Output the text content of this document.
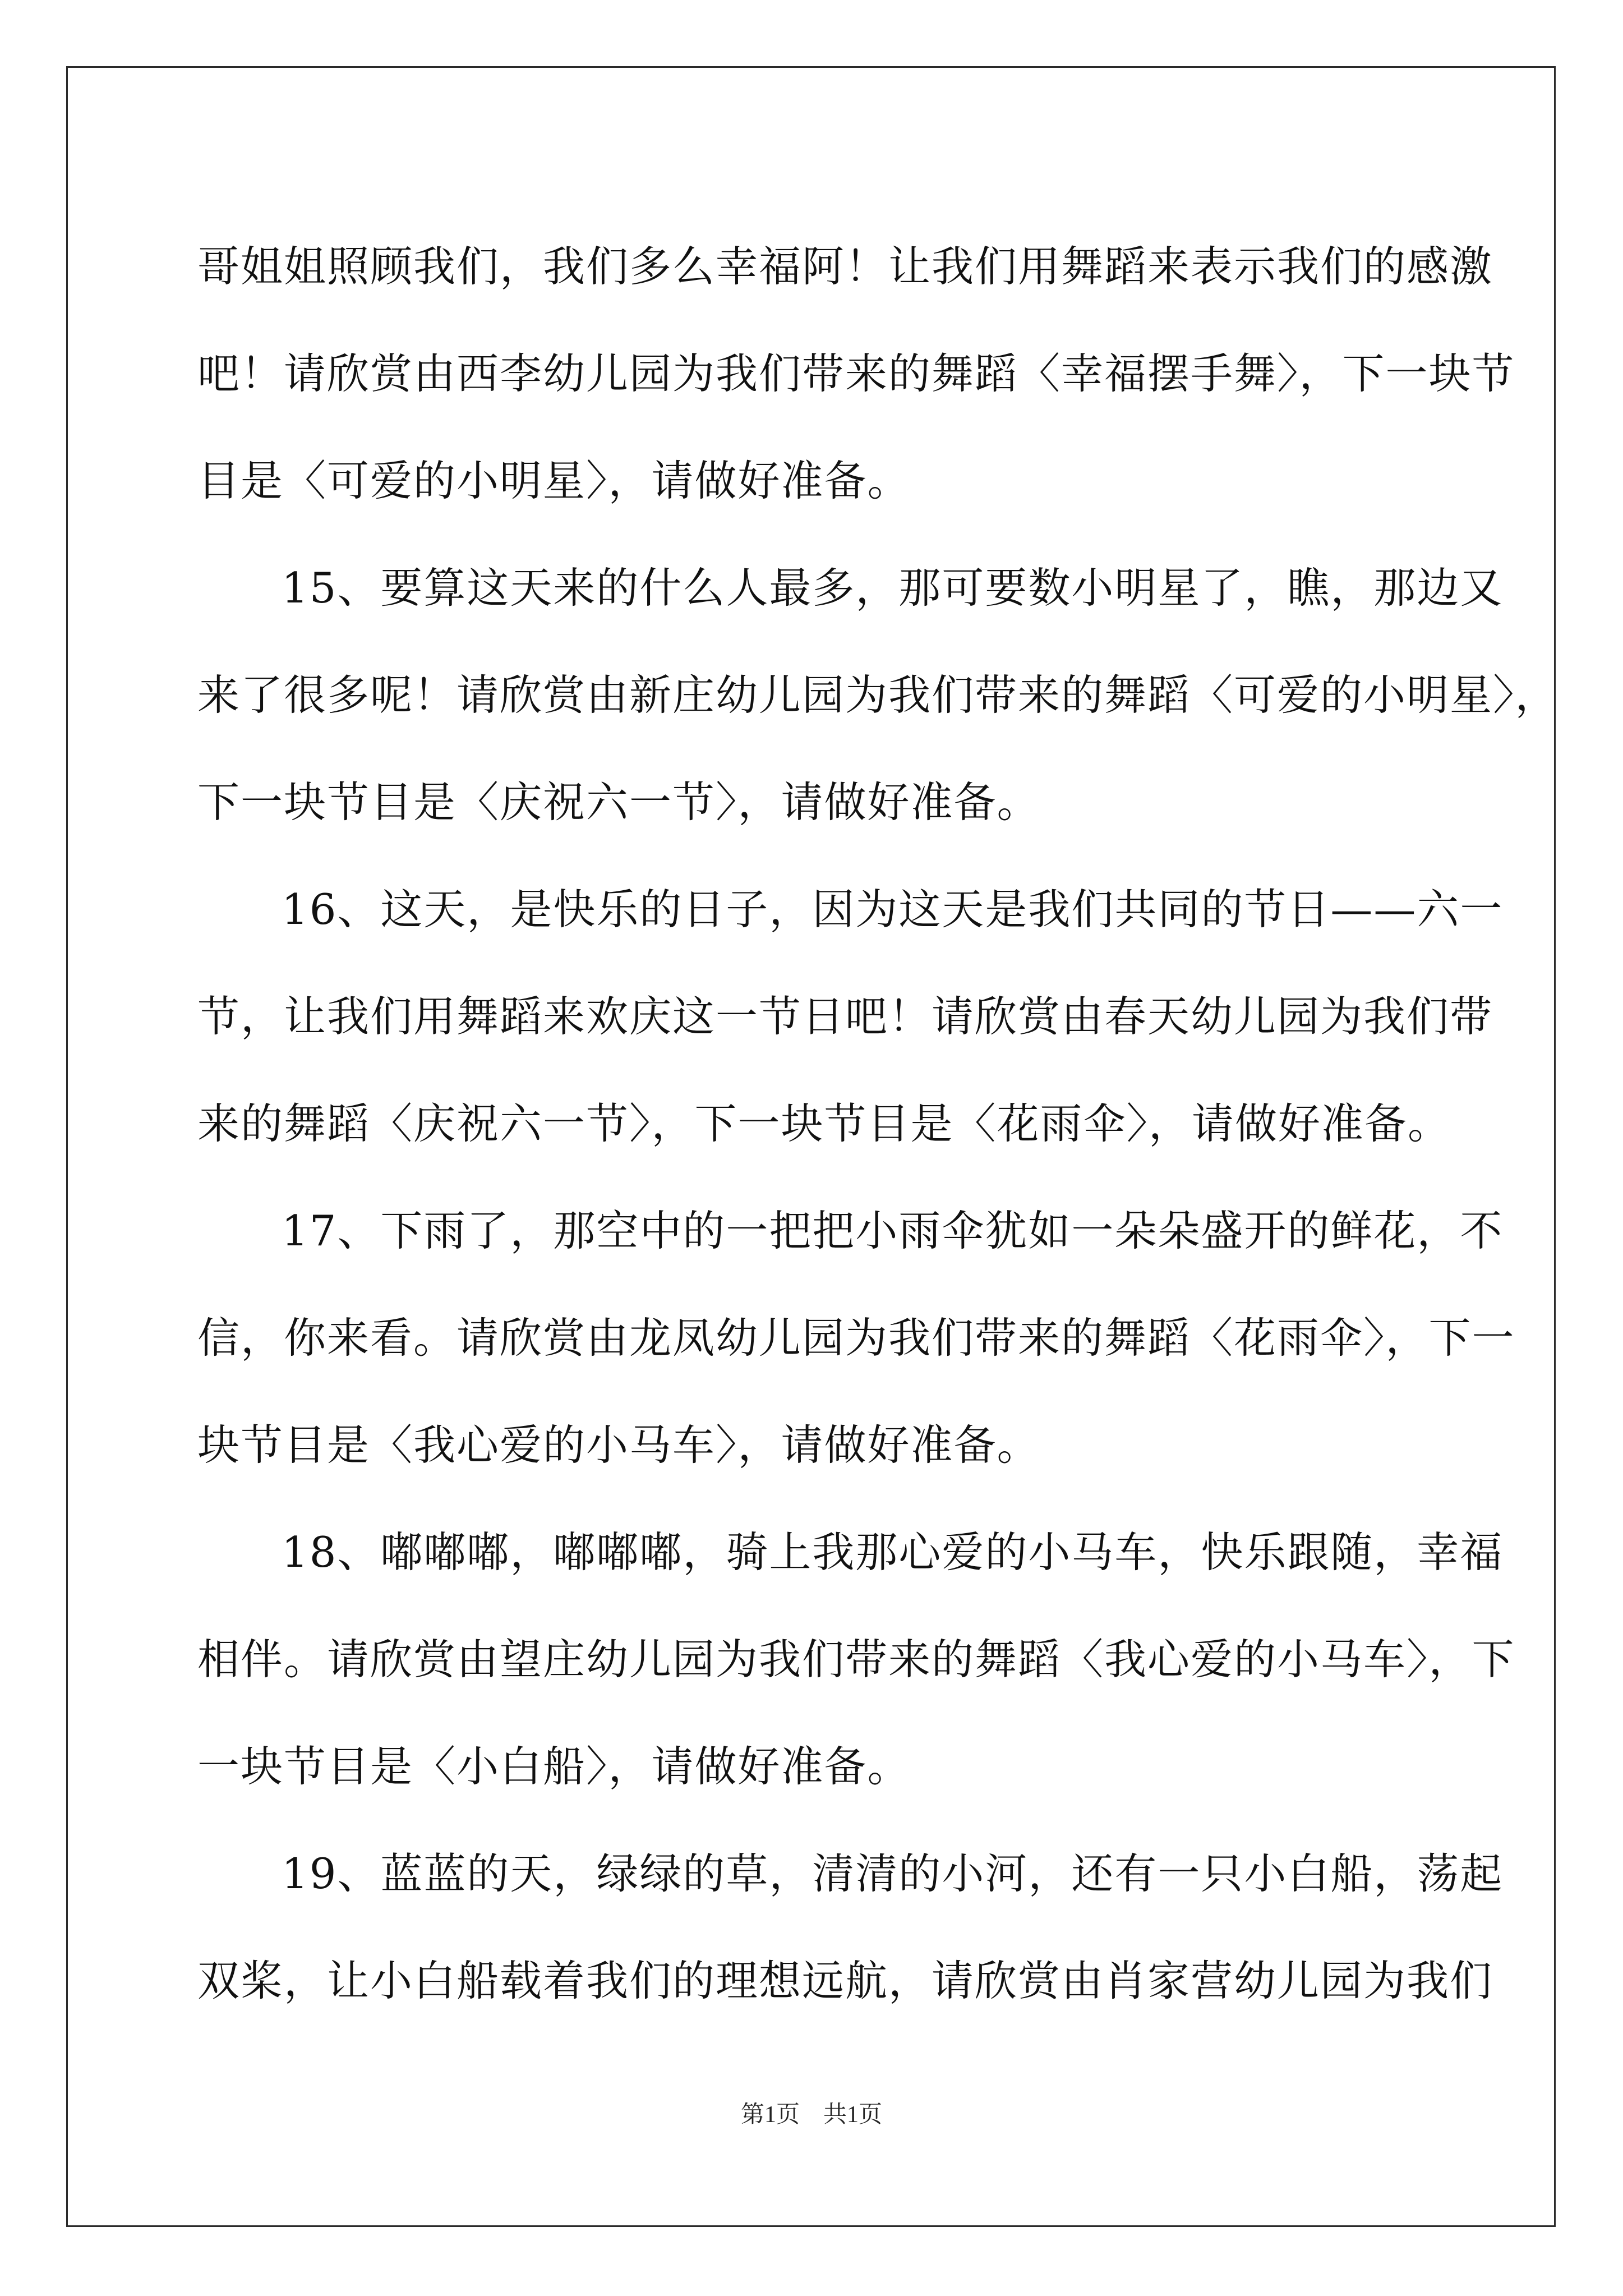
哥姐姐照顾我们，我们多么幸福阿！让我们用舞蹈来表示我们的感激
吧！请欣赏由西李幼儿园为我们带来的舞蹈〈幸福摆手舞〉，下一块节
目是〈可爱的小明星〉，请做好准备。
15、要算这天来的什么人最多，那可要数小明星了，瞧，那边又
来了很多呢！请欣赏由新庄幼儿园为我们带来的舞蹈〈可爱的小明星〉，
下一块节目是〈庆祝六一节〉，请做好准备。
16、这天，是快乐的日子，因为这天是我们共同的节日——六一
节，让我们用舞蹈来欢庆这一节日吧！请欣赏由春天幼儿园为我们带
来的舞蹈〈庆祝六一节〉，下一块节目是〈花雨伞〉，请做好准备。
17、下雨了，那空中的一把把小雨伞犹如一朵朵盛开的鲜花，不
信，你来看。请欣赏由龙凤幼儿园为我们带来的舞蹈〈花雨伞〉，下一
块节目是〈我心爱的小马车〉，请做好准备。
18、嘟嘟嘟，嘟嘟嘟，骑上我那心爱的小马车，快乐跟随，幸福
相伴。请欣赏由望庄幼儿园为我们带来的舞蹈〈我心爱的小马车〉，下
一块节目是〈小白船〉，请做好准备。
19、蓝蓝的天，绿绿的草，清清的小河，还有一只小白船，荡起
双桨，让小白船载着我们的理想远航，请欣赏由肖家营幼儿园为我们

第1页　共1页
